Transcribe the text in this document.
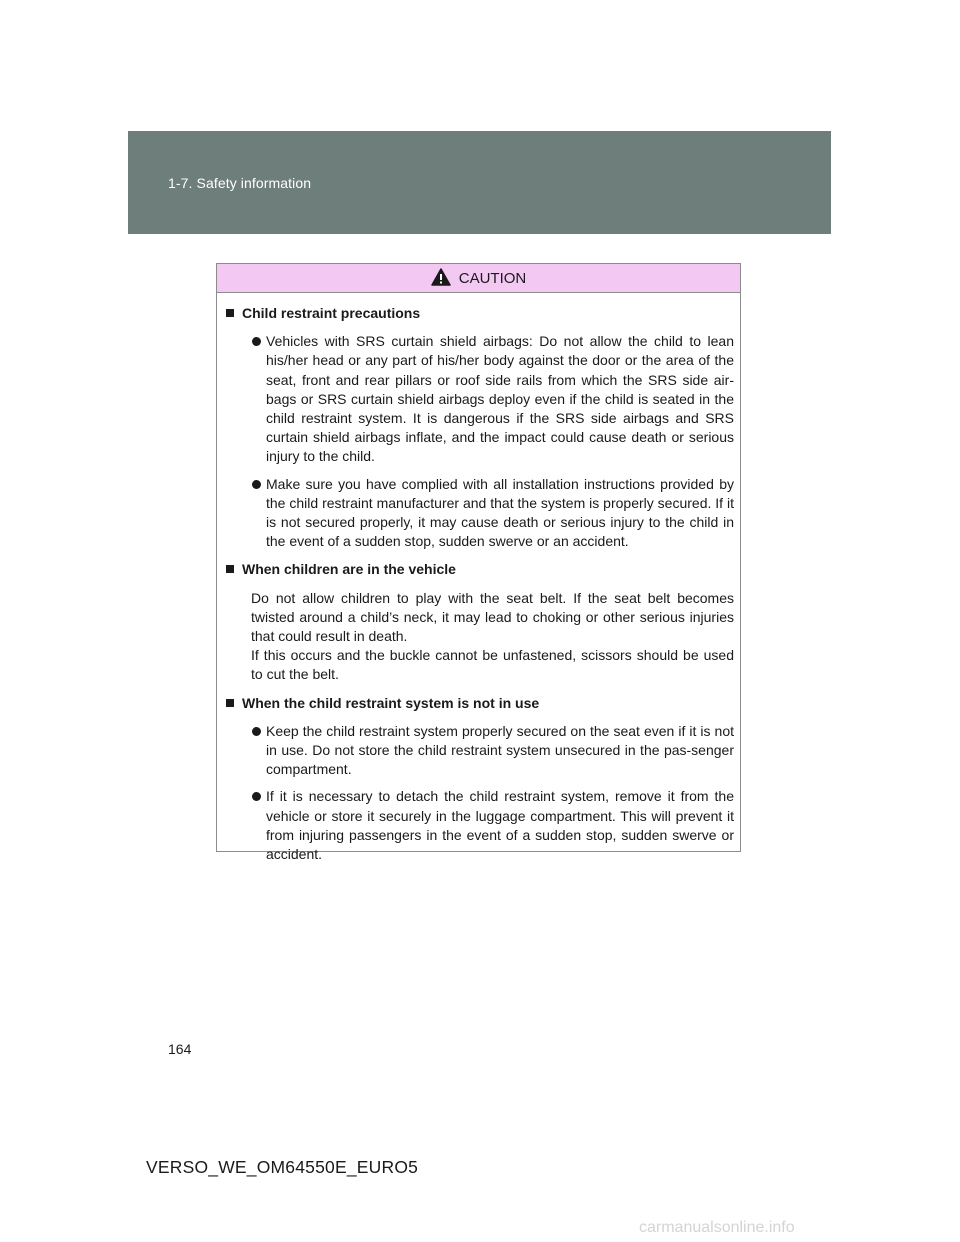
1-7. Safety information
CAUTION
Child restraint precautions
Vehicles with SRS curtain shield airbags: Do not allow the child to lean his/her head or any part of his/her body against the door or the area of the seat, front and rear pillars or roof side rails from which the SRS side air-bags or SRS curtain shield airbags deploy even if the child is seated in the child restraint system. It is dangerous if the SRS side airbags and SRS curtain shield airbags inflate, and the impact could cause death or serious injury to the child.
Make sure you have complied with all installation instructions provided by the child restraint manufacturer and that the system is properly secured. If it is not secured properly, it may cause death or serious injury to the child in the event of a sudden stop, sudden swerve or an accident.
When children are in the vehicle
Do not allow children to play with the seat belt. If the seat belt becomes twisted around a child’s neck, it may lead to choking or other serious injuries that could result in death.
If this occurs and the buckle cannot be unfastened, scissors should be used to cut the belt.
When the child restraint system is not in use
Keep the child restraint system properly secured on the seat even if it is not in use. Do not store the child restraint system unsecured in the pas-senger compartment.
If it is necessary to detach the child restraint system, remove it from the vehicle or store it securely in the luggage compartment. This will prevent it from injuring passengers in the event of a sudden stop, sudden swerve or accident.
164
VERSO_WE_OM64550E_EURO5
carmanualsonline.info
